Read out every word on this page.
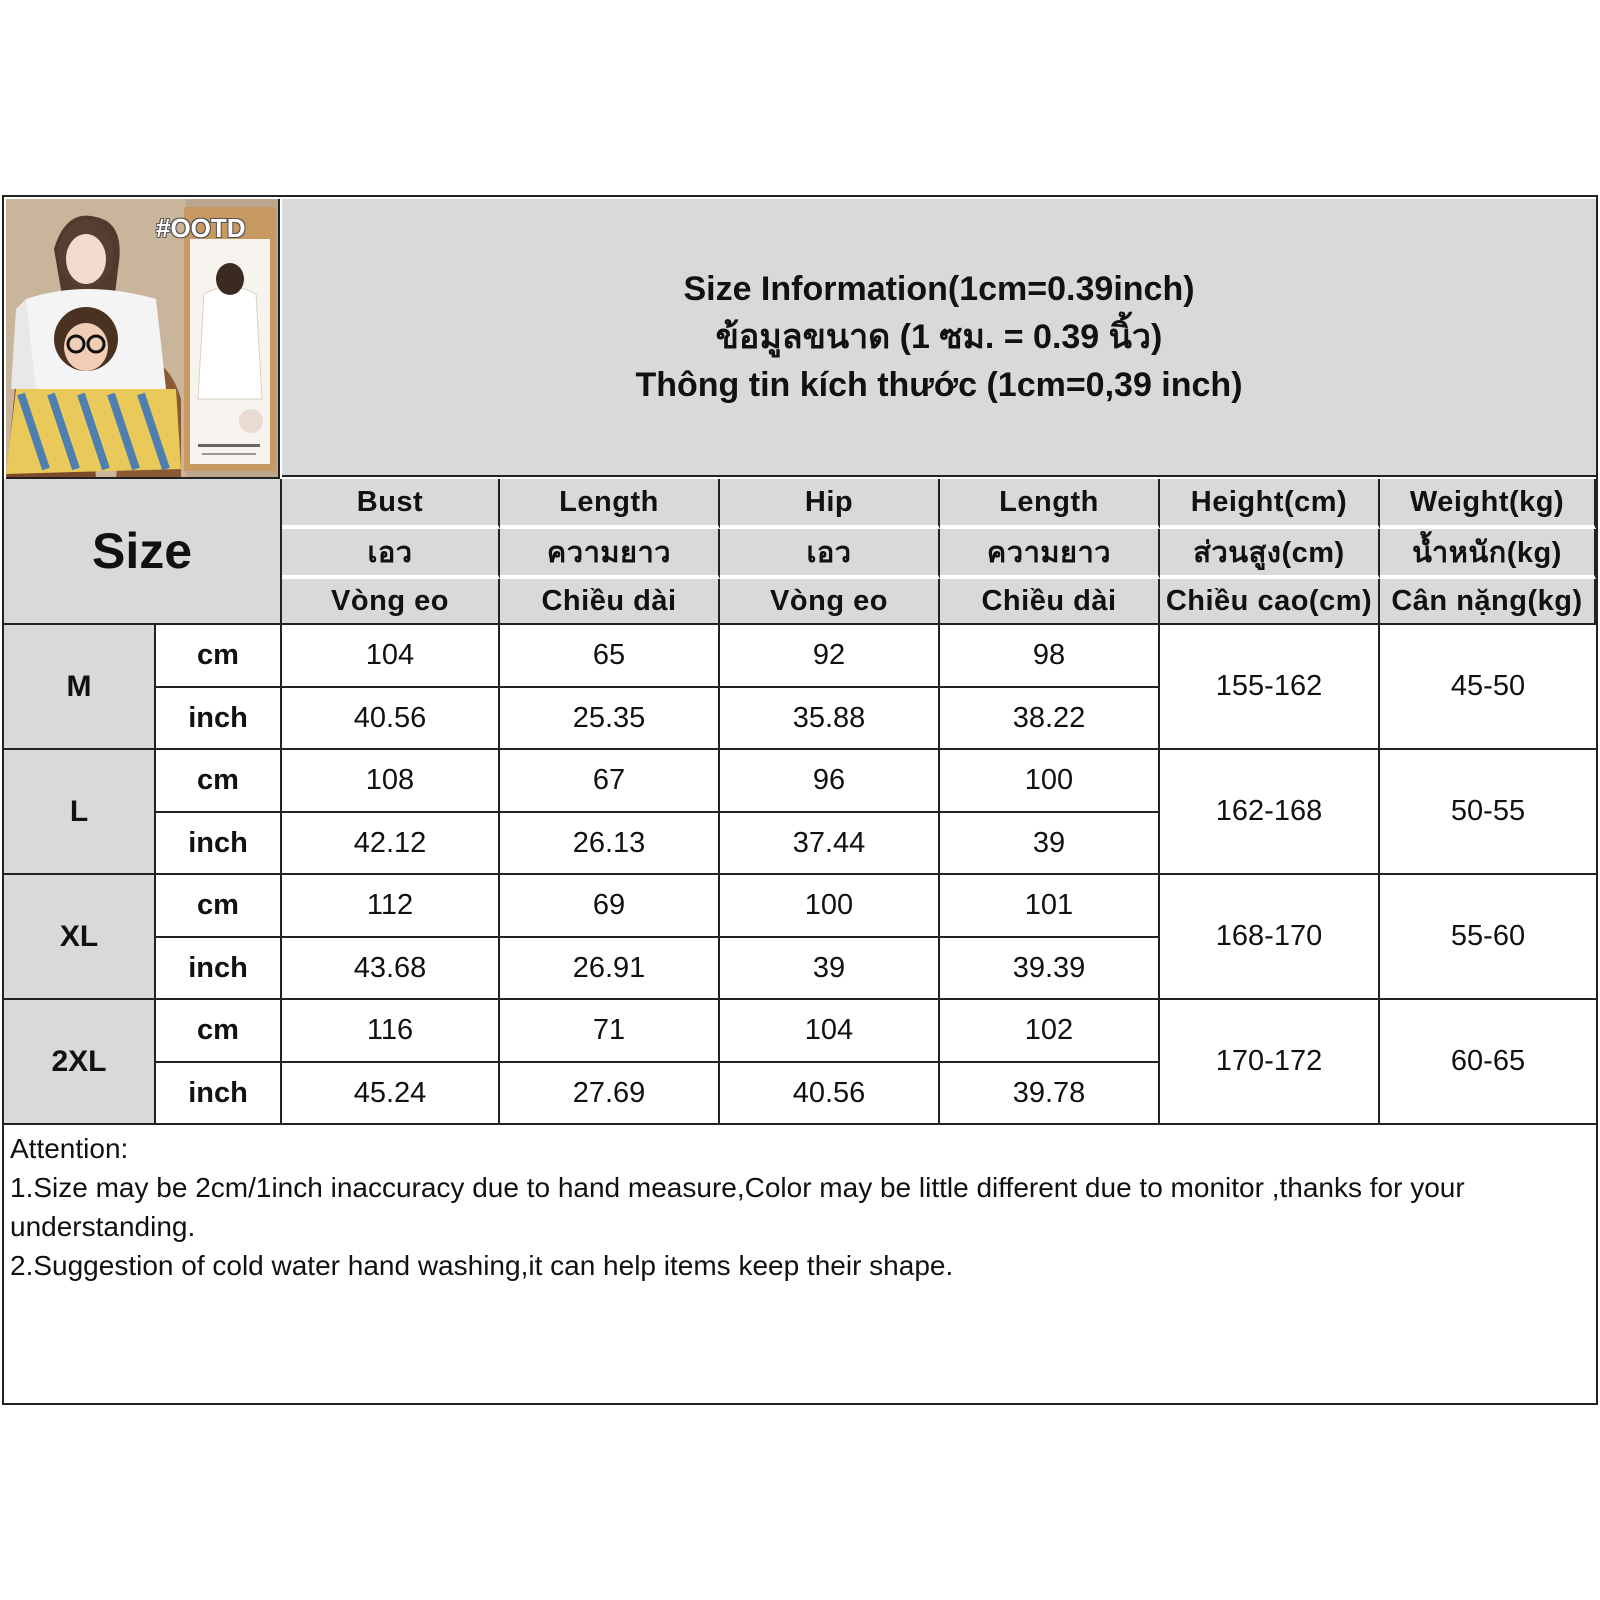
#OOTD
Size Information(1cm=0.39inch)
ข้อมูลขนาด (1 ซม. = 0.39 นิ้ว)
Thông tin kích thước (1cm=0,39 inch)
Size
Bust
เอว
Vòng eo
Length
ความยาว
Chiều dài
Hip
เอว
Vòng eo
Length
ความยาว
Chiều dài
Height(cm)
ส่วนสูง(cm)
Chiều cao(cm)
Weight(kg)
น้ำหนัก(kg)
Cân nặng(kg)
M
cm	104	65	92	98
inch	40.56	25.35	35.88	38.22
155-162	45-50
L
cm	108	67	96	100
inch	42.12	26.13	37.44	39
162-168	50-55
XL
cm	112	69	100	101
inch	43.68	26.91	39	39.39
168-170	55-60
2XL
cm	116	71	104	102
inch	45.24	27.69	40.56	39.78
170-172	60-65
Attention:
1.Size may be 2cm/1inch inaccuracy due to hand measure,Color may be little different due to monitor ,thanks for your understanding.
2.Suggestion of cold water hand washing,it can help items keep their shape.
